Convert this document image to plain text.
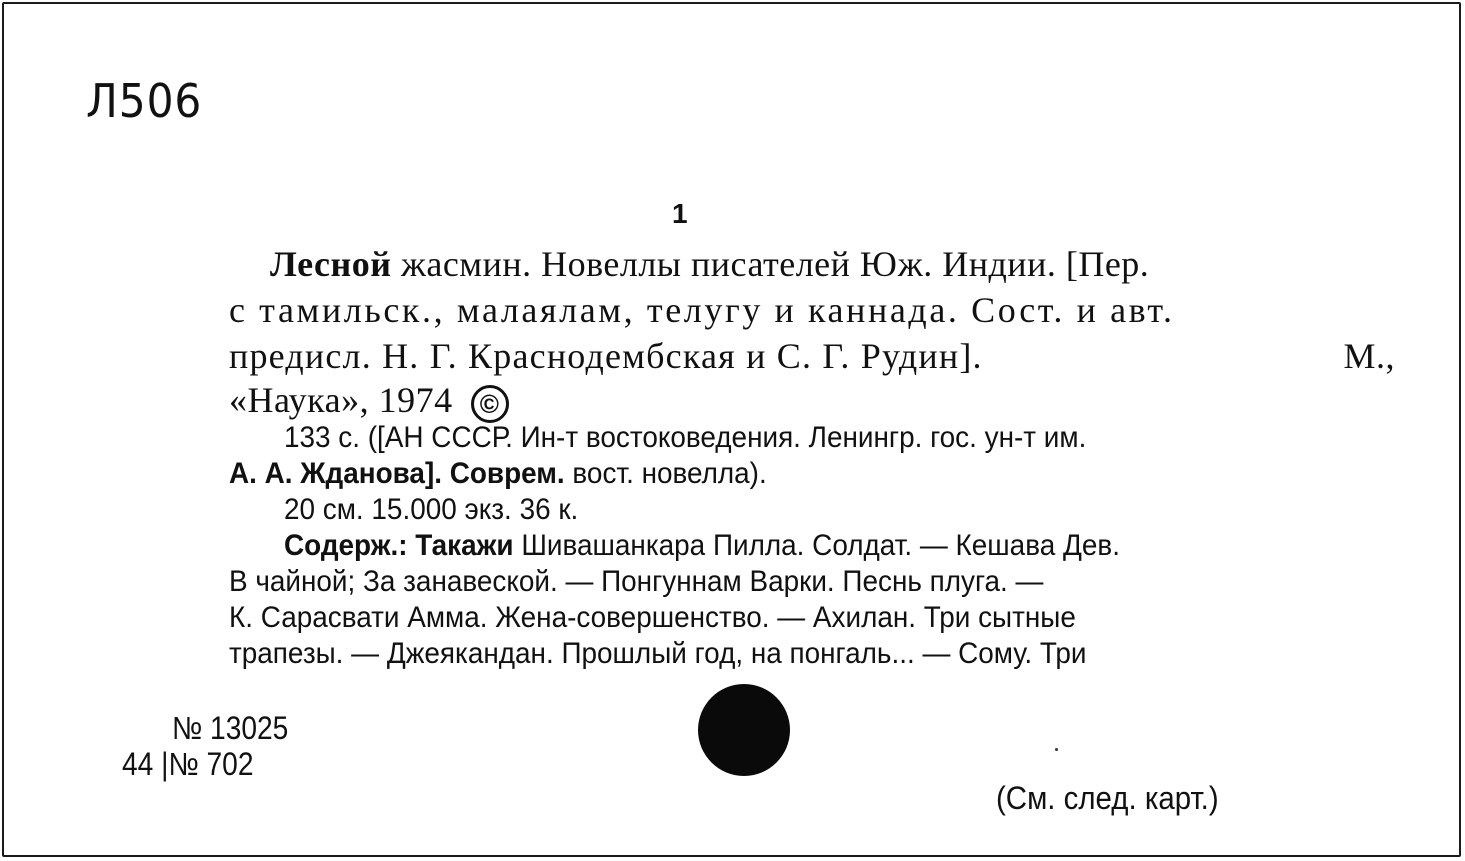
Л506
1
Лесной жасмин. Новеллы писателей Юж. Индии. [Пер.
с тамильск., малаялам, телугу и каннада. Сост. и авт.
предисл. Н. Г. Краснодембская и С. Г. Рудин].	М.,
«Наука», 1974 ©
133 с. ([АН СССР. Ин-т востоковедения. Ленингр. гос. ун-т им.
А. А. Жданова]. Соврем. вост. новелла).
20 см. 15.000 экз. 36 к.
Содерж.: Такажи Шивашанкара Пилла. Солдат. — Кешава Дев.
В чайной; За занавеской. — Понгуннам Варки. Песнь плуга. —
К. Сарасвати Амма. Жена-совершенство. — Ахилан. Три сытные
трапезы. — Джеякандан. Прошлый год, на понгаль... — Сому. Три
№ 13025
44 |№ 702
(См. след. карт.)
